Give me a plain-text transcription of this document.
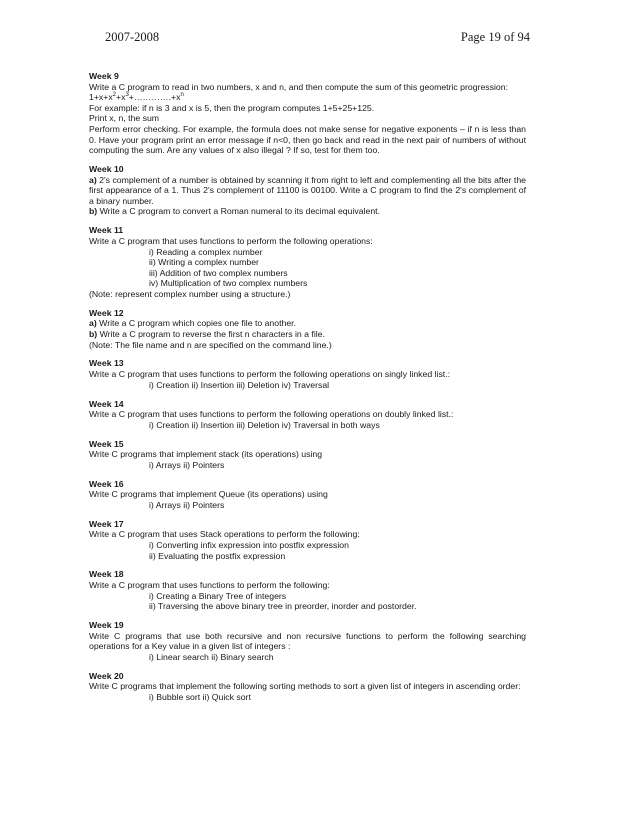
2007-2008	Page 19 of 94
Week 9
Write a C program to read in two numbers, x and n, and then compute the sum of this geometric progression:
$1+x+x^2+x^3+\dots\dots\dots\dots.+x^n$
For example: if n is 3 and x is 5, then the program computes 1+5+25+125.
Print x, n, the sum
Perform error checking. For example, the formula does not make sense for negative exponents – if n is less than 0. Have your program print an error message if n<0, then go back and read in the next pair of numbers of without computing the sum. Are any values of x also illegal ? If so, test for them too.
Week 10
a) 2's complement of a number is obtained by scanning it from right to left and complementing all the bits after the first appearance of a 1. Thus 2's complement of 11100 is 00100. Write a C program to find the 2's complement of a binary number.
b) Write a C program to convert a Roman numeral to its decimal equivalent.
Week 11
Write a C program that uses functions to perform the following operations:
i) Reading a complex number
ii) Writing a complex number
iii) Addition of two complex numbers
iv) Multiplication of two complex numbers
(Note: represent complex number using a structure.)
Week 12
a) Write a C program which copies one file to another.
b) Write a C program to reverse the first n characters in a file.
(Note: The file name and n are specified on the command line.)
Week 13
Write a C program that uses functions to perform the following operations on singly linked list.:
i) Creation ii) Insertion iii) Deletion iv) Traversal
Week 14
Write a C program that uses functions to perform the following operations on doubly linked list.:
i) Creation ii) Insertion iii) Deletion iv) Traversal in both ways
Week 15
Write C programs that implement stack (its operations) using
i) Arrays ii) Pointers
Week 16
Write C programs that implement Queue (its operations) using
i) Arrays ii) Pointers
Week 17
Write a C program that uses Stack operations to perform the following:
i) Converting infix expression into postfix expression
ii) Evaluating the postfix expression
Week 18
Write a C program that uses functions to perform the following:
i) Creating a Binary Tree of integers
ii) Traversing the above binary tree in preorder, inorder and postorder.
Week 19
Write C programs that use both recursive and non recursive functions to perform the following searching operations for a Key value in a given list of integers :
i) Linear search ii) Binary search
Week 20
Write C programs that implement the following sorting methods to sort a given list of integers in ascending order:
i) Bubble sort ii) Quick sort
